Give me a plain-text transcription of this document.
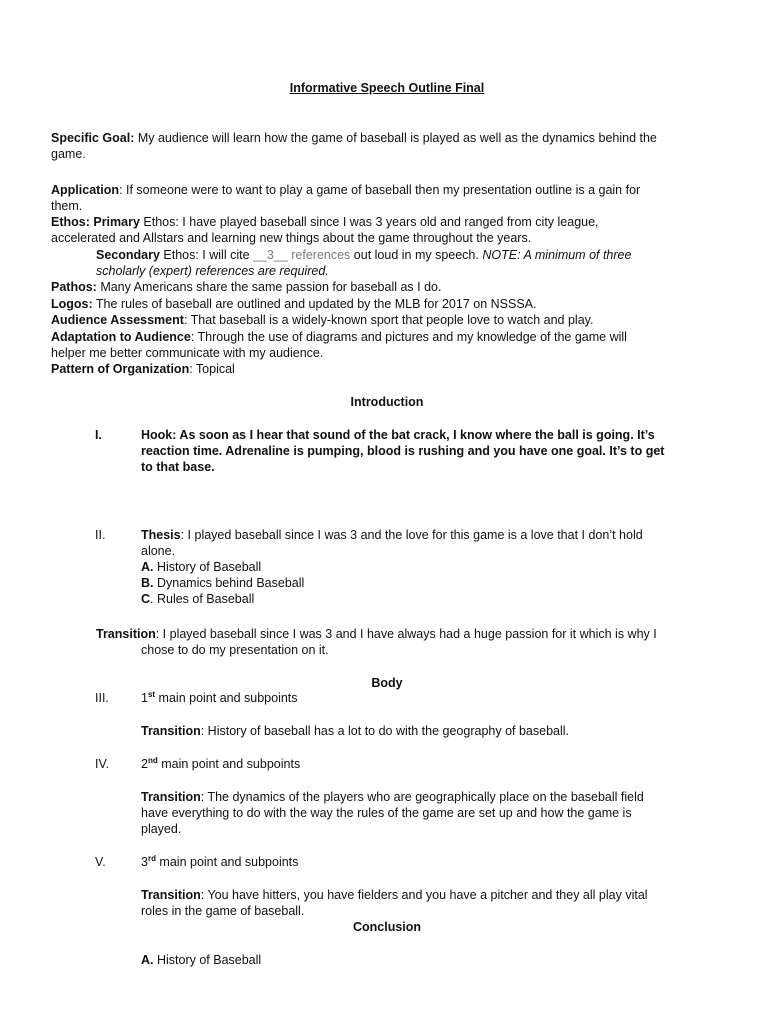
Informative Speech Outline Final
Specific Goal: My audience will learn how the game of baseball is played as well as the dynamics behind the
game.
Application: If someone were to want to play a game of baseball then my presentation outline is a gain for
them.
Ethos: Primary Ethos: I have played baseball since I was 3 years old and ranged from city league,
accelerated and Allstars and learning new things about the game throughout the years.
Secondary Ethos: I will cite __3__ references out loud in my speech. NOTE: A minimum of three
scholarly (expert) references are required.
Pathos: Many Americans share the same passion for baseball as I do.
Logos: The rules of baseball are outlined and updated by the MLB for 2017 on NSSSA.
Audience Assessment: That baseball is a widely-known sport that people love to watch and play.
Adaptation to Audience: Through the use of diagrams and pictures and my knowledge of the game will
helper me better communicate with my audience.
Pattern of Organization: Topical
Introduction
I.	Hook: As soon as I hear that sound of the bat crack, I know where the ball is going. It’s
reaction time. Adrenaline is pumping, blood is rushing and you have one goal. It’s to get
to that base.
II.	Thesis: I played baseball since I was 3 and the love for this game is a love that I don’t hold
alone.
A. History of Baseball
B. Dynamics behind Baseball
C. Rules of Baseball
Transition: I played baseball since I was 3 and I have always had a huge passion for it which is why I
chose to do my presentation on it.
Body
III.	1st main point and subpoints
Transition: History of baseball has a lot to do with the geography of baseball.
IV.	2nd main point and subpoints
Transition: The dynamics of the players who are geographically place on the baseball field
have everything to do with the way the rules of the game are set up and how the game is
played.
V.	3rd main point and subpoints
Transition: You have hitters, you have fielders and you have a pitcher and they all play vital
roles in the game of baseball.
Conclusion
A. History of Baseball
